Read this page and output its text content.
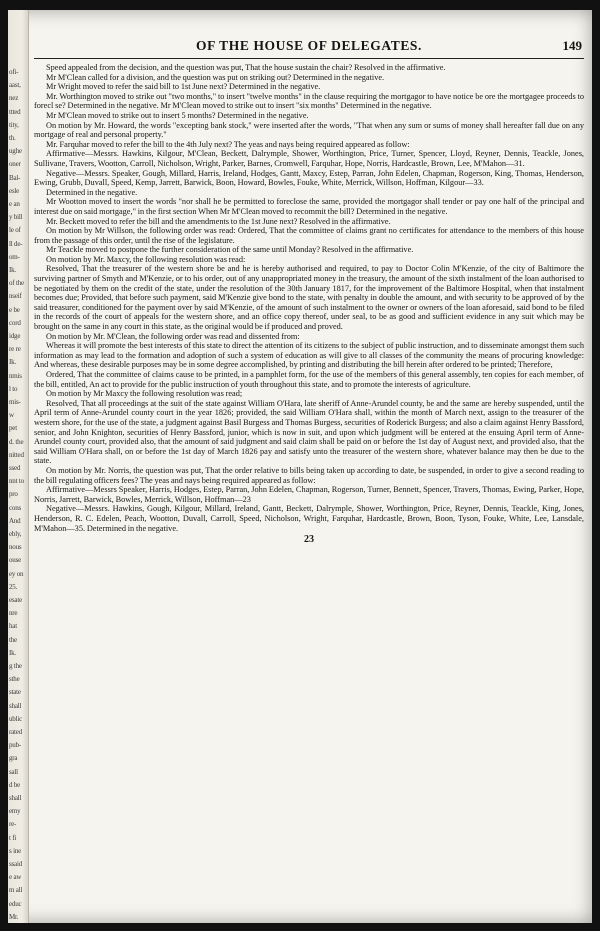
ofi-
aast,
nez
ttted
tity,
th.
ughe
oner
Bal-
esle
e an
y bill
le of
ll de-
om-
Ik.
of the
nseif
e be
cord
idge
re re
Ik.
nmis
l to
mis-
w
pet
d. the
nitted
ssed
nnt to
pro
cons
And
ebly,
nous
ouse
ey on
25.
esate
nre
hat
the
Ik.
g the
sthe
state
shall
ublic
rated
pub-
gra
sall
d be
shall
emy
re-
t fi
s ine
ssaid
e aw
m all
educ
Mr.
OF THE HOUSE OF DELEGATES.	149

Speed appealed from the decision, and the question was put, That the house sustain the chair? Resolved in the affirmative.

Mr M'Clean called for a division, and the question was put on striking out? Determined in the negative.

Mr Wright moved to refer the said bill to 1st June next? Determined in the negative.

Mr. Worthington moved to strike out "two months," to insert "twelve months" in the clause requiring the mortgagor to have notice be ore the mortgagee proceeds to forecl se? Determined in the negative. Mr M'Clean moved to strike out to insert "six months" Determined in the negative.

Mr M'Clean moved to strike out to insert 5 months? Determined in the negative.

On motion by Mr. Howard, the words "excepting bank stock," were inserted after the words, "That when any sum or sums of money shall hereafter fall due on any mortgage of real and personal property."

Mr. Farquhar moved to refer the bill to the 4th July next? The yeas and nays being required appeared as follow:

Affirmative—Messrs. Hawkins, Kilgour, M'Clean, Beckett, Dalrymple, Shower, Worthington, Price, Turner, Spencer, Lloyd, Reyner, Dennis, Teackle, Jones, Sullivane, Travers, Wootton, Carroll, Nicholson, Wright, Parker, Barnes, Cromwell, Farquhar, Hope, Norris, Hardcastle, Brown, Lee, M'Mahon—31.

Negative—Messrs. Speaker, Gough, Millard, Harris, Ireland, Hodges, Gantt, Maxcy, Estep, Parran, John Edelen, Chapman, Rogerson, King, Thomas, Henderson, Ewing, Grubb, Duvall, Speed, Kemp, Jarrett, Barwick, Boon, Howard, Bowles, Fouke, White, Merrick, Willson, Hoffman, Kilgour—33.

Determined in the negative.

Mr Wootton moved to insert the words "nor shall he be permitted to foreclose the same, provided the mortgagor shall tender or pay one half of the principal and interest due on said mortgage," in the first section When Mr M'Clean moved to recommit the bill? Determined in the negative.

Mr. Beckett moved to refer the bill and the amendments to the 1st June next? Resolved in the affirmative.

On motion by Mr Willson, the following order was read: Ordered, That the committee of claims grant no certificates for attendance to the members of this house from the passage of this order, until the rise of the legislature.

Mr Teackle moved to postpone the further consideration of the same until Monday? Resolved in the affirmative.

On motion by Mr. Maxcy, the following resolution was read:

Resolved, That the treasurer of the western shore be and he is hereby authorised and required, to pay to Doctor Colin M'Kenzie, of the city of Baltimore the surviving partner of Smyth and M'Kenzie, or to his order, out of any unappropriated money in the treasury, the amount of the sixth instalment of the loan authorised to be negotiated by them on the credit of the state, under the resolution of the 30th January 1817, for the improvement of the Baltimore Hospital, when that instalment becomes due; Provided, that before such payment, said M'Kenzie give bond to the state, with penalty in double the amount, and with security to be approved of by the said treasurer, conditioned for the payment over by said M'Kenzie, of the amount of such instalment to the owner or owners of the loan aforesaid, said bond to be filed in the records of the court of appeals for the western shore, and an office copy thereof, under seal, to be as good and sufficient evidence in any suit which may be brought on the same in any court in this state, as the original would be if produced and proved.

On motion by Mr. M'Clean, the following order was read and dissented from:

Whereas it will promote the best interests of this state to direct the attention of its citizens to the subject of public instruction, and to disseminate amongst them such information as may lead to the formation and adoption of such a system of education as will give to all classes of the community the means of procuring knowledge: And whereas, these desirable purposes may be in some degree accomplished, by printing and distributing the bill herein after ordered to be printed; Therefore,

Ordered, That the committee of claims cause to be printed, in a pamphlet form, for the use of the members of this general assembly, ten copies for each member, of the bill, entitled, An act to provide for the public instruction of youth throughout this state, and to promote the interests of agriculture.

On motion by Mr Maxcy the following resolution was read;

Resolved, That all proceedings at the suit of the state against William O'Hara, late sheriff of Anne-Arundel county, be and the same are hereby suspended, until the April term of Anne-Arundel county court in the year 1826; provided, the said William O'Hara shall, within the month of March next, assign to the treasurer of the western shore, for the use of the state, a judgment against Basil Burgess and Thomas Burgess, securities of Roderick Burgess; and also a claim against Henry Bassford, senior, and John Knighton, securities of Henry Bassford, junior, which is now in suit, and upon which judgment will be entered at the ensuing April term of Anne-Arundel county court, provided also, that the amount of said judgment and said claim shall be paid on or before the 1st day of August next, and provided also, that the said William O'Hara shall, on or before the 1st day of March 1826 pay and satisfy unto the treasurer of the western shore, whatever balance may then be due to the state.

On motion by Mr. Norris, the question was put, That the order relative to bills being taken up according to date, be suspended, in order to give a second reading to the bill regulating officers fees? The yeas and nays being required appeared as follow:

Affirmative—Messrs Speaker, Harris, Hodges, Estep, Parran, John Edelen, Chapman, Rogerson, Turner, Bennett, Spencer, Travers, Thomas, Ewing, Parker, Hope, Norris, Jarrett, Barwick, Bowles, Merrick, Willson, Hoffman—23

Negative—Messrs. Hawkins, Gough, Kilgour, Millard, Ireland, Gantt, Beckett, Dalrymple, Shower, Worthington, Price, Reyner, Dennis, Teackle, King, Jones, Henderson, R. C. Edelen, Peach, Wootton, Duvall, Carroll, Speed, Nicholson, Wright, Farquhar, Hardcastle, Brown, Boon, Tyson, Fouke, White, Lee, Lansdale, M'Mahon—35. Determined in the negative.

23
